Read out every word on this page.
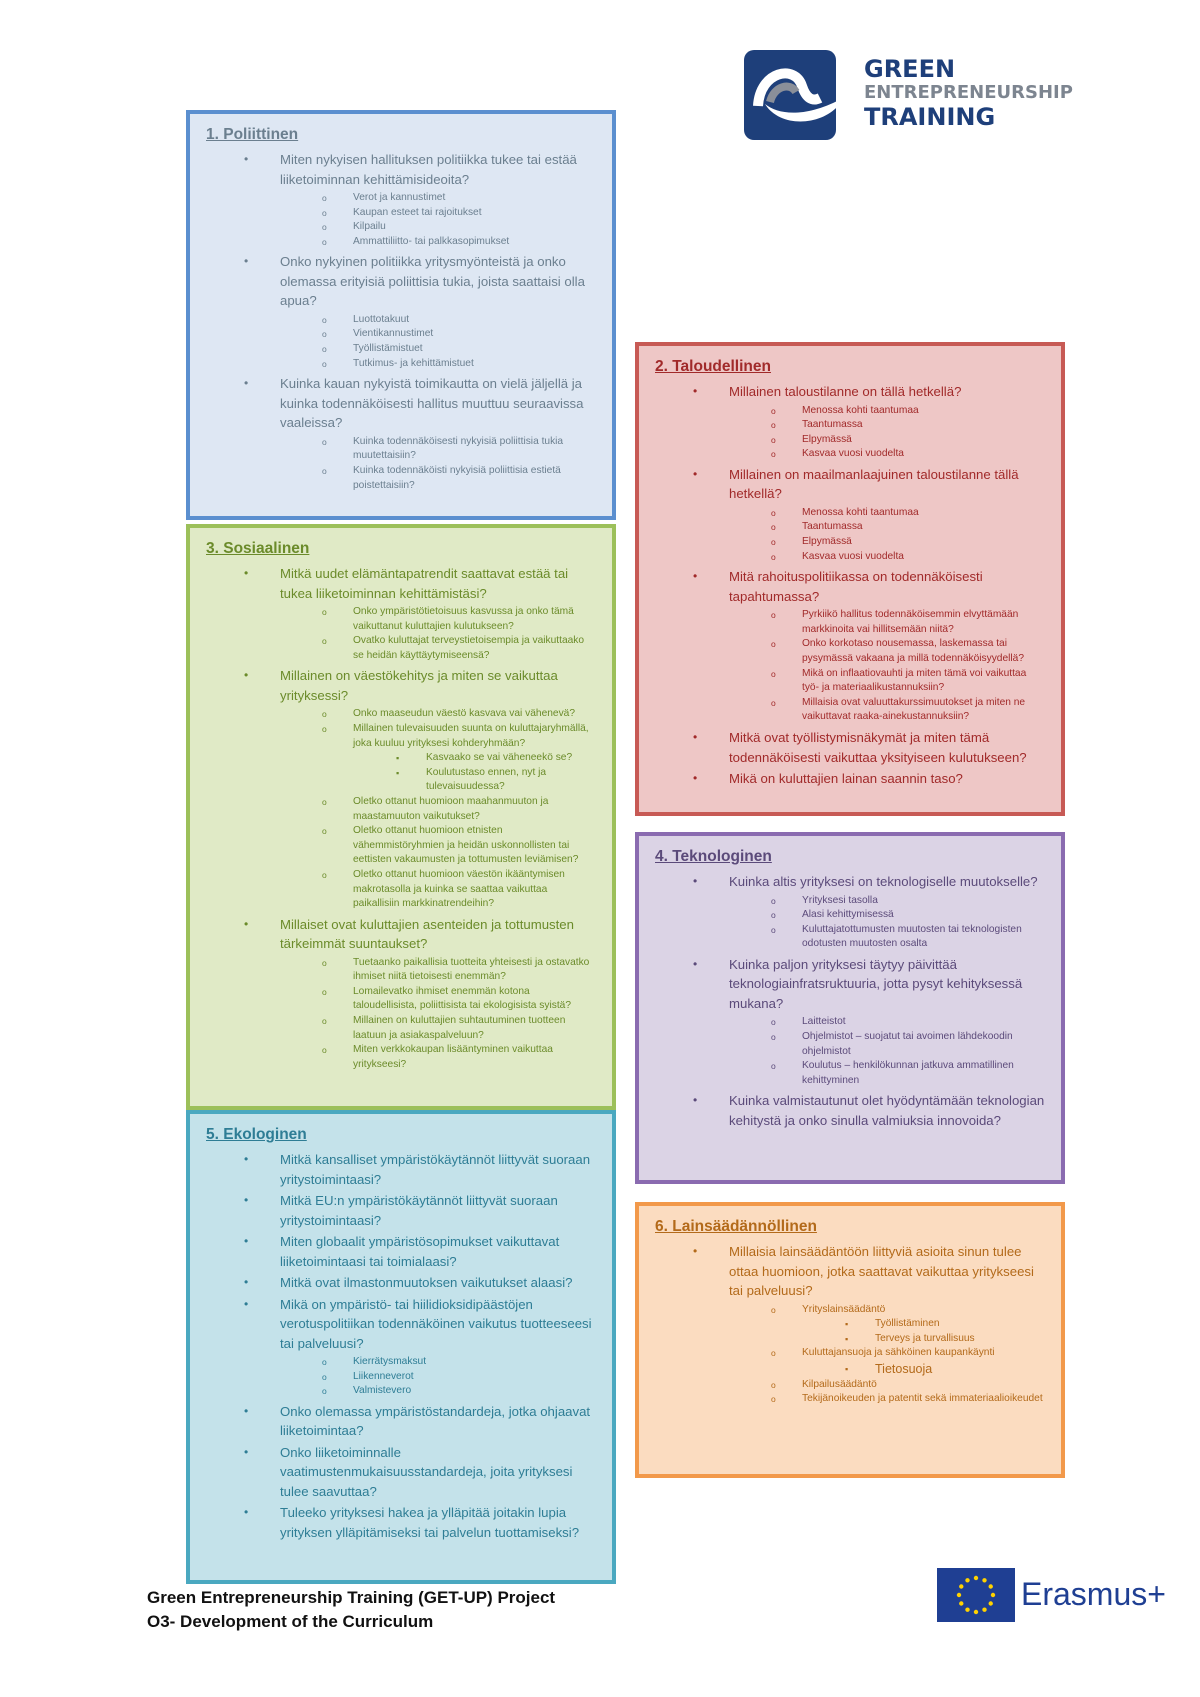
GREEN
ENTREPRENEURSHIP
TRAINING
1. Poliittinen
• Miten nykyisen hallituksen politiikka tukee tai estää liiketoiminnan kehittämisideoita?
o Verot ja kannustimet
o Kaupan esteet tai rajoitukset
o Kilpailu
o Ammattiliitto- tai palkkasopimukset
• Onko nykyinen politiikka yritysmyönteistä ja onko olemassa erityisiä poliittisia tukia, joista saattaisi olla apua?
o Luottotakuut
o Vientikannustimet
o Työllistämistuet
o Tutkimus- ja kehittämistuet
• Kuinka kauan nykyistä toimikautta on vielä jäljellä ja kuinka todennäköisesti hallitus muuttuu seuraavissa vaaleissa?
o Kuinka todennäköisesti nykyisiä poliittisia tukia muutettaisiin?
o Kuinka todennäköisti nykyisiä poliittisia estietä poistettaisiin?
3. Sosiaalinen
• Mitkä uudet elämäntapatrendit saattavat estää tai tukea liiketoiminnan kehittämistäsi?
o Onko ympäristötietoisuus kasvussa ja onko tämä vaikuttanut kuluttajien kulutukseen?
o Ovatko kuluttajat terveystietoisempia ja vaikuttaako se heidän käyttäytymiseensä?
• Millainen on väestökehitys ja miten se vaikuttaa yrityksessi?
o Onko maaseudun väestö kasvava vai vähenevä?
o Millainen tulevaisuuden suunta on kuluttajaryhmällä, joka kuuluu yrityksesi kohderyhmään?
▪ Kasvaako se vai väheneekö se?
▪ Koulutustaso ennen, nyt ja tulevaisuudessa?
o Oletko ottanut huomioon maahanmuuton ja maastamuuton vaikutukset?
o Oletko ottanut huomioon etnisten vähemmistöryhmien ja heidän uskonnollisten tai eettisten vakaumusten ja tottumusten leviämisen?
o Oletko ottanut huomioon väestön ikääntymisen makrotasolla ja kuinka se saattaa vaikuttaa paikallisiin markkinatrendeihin?
• Millaiset ovat kuluttajien asenteiden ja tottumusten tärkeimmät suuntaukset?
o Tuetaanko paikallisia tuotteita yhteisesti ja ostavatko ihmiset niitä tietoisesti enemmän?
o Lomailevatko ihmiset enemmän kotona taloudellisista, poliittisista tai ekologisista syistä?
o Millainen on kuluttajien suhtautuminen tuotteen laatuun ja asiakaspalveluun?
o Miten verkkokaupan lisääntyminen vaikuttaa yritykseesi?
5. Ekologinen
• Mitkä kansalliset ympäristökäytännöt liittyvät suoraan yritystoimintaasi?
• Mitkä EU:n ympäristökäytännöt liittyvät suoraan yritystoimintaasi?
• Miten globaalit ympäristösopimukset vaikuttavat liiketoimintaasi tai toimialaasi?
• Mitkä ovat ilmastonmuutoksen vaikutukset alaasi?
• Mikä on ympäristö- tai hiilidioksidipäästöjen verotuspolitiikan todennäköinen vaikutus tuotteeseesi tai palveluusi?
o Kierrätysmaksut
o Liikenneverot
o Valmistevero
• Onko olemassa ympäristöstandardeja, jotka ohjaavat liiketoimintaa?
• Onko liiketoiminnalle vaatimustenmukaisuusstandardeja, joita yrityksesi tulee saavuttaa?
• Tuleeko yrityksesi hakea ja ylläpitää joitakin lupia yrityksen ylläpitämiseksi tai palvelun tuottamiseksi?
2. Taloudellinen
• Millainen taloustilanne on tällä hetkellä?
o Menossa kohti taantumaa
o Taantumassa
o Elpymässä
o Kasvaa vuosi vuodelta
• Millainen on maailmanlaajuinen taloustilanne tällä hetkellä?
o Menossa kohti taantumaa
o Taantumassa
o Elpymässä
o Kasvaa vuosi vuodelta
• Mitä rahoituspolitiikassa on todennäköisesti tapahtumassa?
o Pyrkiikö hallitus todennäköisemmin elvyttämään markkinoita vai hillitsemään niitä?
o Onko korkotaso nousemassa, laskemassa tai pysymässä vakaana ja millä todennäköisyydellä?
o Mikä on inflaatiovauhti ja miten tämä voi vaikuttaa työ- ja materiaalikustannuksiin?
o Millaisia ovat valuuttakurssimuutokset ja miten ne vaikuttavat raaka-ainekustannuksiin?
• Mitkä ovat työllistymisnäkymät ja miten tämä todennäköisesti vaikuttaa yksityiseen kulutukseen?
• Mikä on kuluttajien lainan saannin taso?
4. Teknologinen
• Kuinka altis yrityksesi on teknologiselle muutokselle?
o Yrityksesi tasolla
o Alasi kehittymisessä
o Kuluttajatottumusten muutosten tai teknologisten odotusten muutosten osalta
• Kuinka paljon yrityksesi täytyy päivittää teknologiainfratsruktuuria, jotta pysyt kehityksessä mukana?
o Laitteistot
o Ohjelmistot – suojatut tai avoimen lähdekoodin ohjelmistot
o Koulutus – henkilökunnan jatkuva ammatillinen kehittyminen
• Kuinka valmistautunut olet hyödyntämään teknologian kehitystä ja onko sinulla valmiuksia innovoida?
6. Lainsäädännöllinen
• Millaisia lainsäädäntöön liittyviä asioita sinun tulee ottaa huomioon, jotka saattavat vaikuttaa yritykseesi tai palveluusi?
o Yrityslainsäädäntö
▪ Työllistäminen
▪ Terveys ja turvallisuus
o Kuluttajansuoja ja sähköinen kaupankäynti
▪ Tietosuoja
o Kilpailusäädäntö
o Tekijänoikeuden ja patentit sekä immateriaalioikeudet
Green Entrepreneurship Training (GET-UP) Project
O3- Development of the Curriculum
Erasmus+
